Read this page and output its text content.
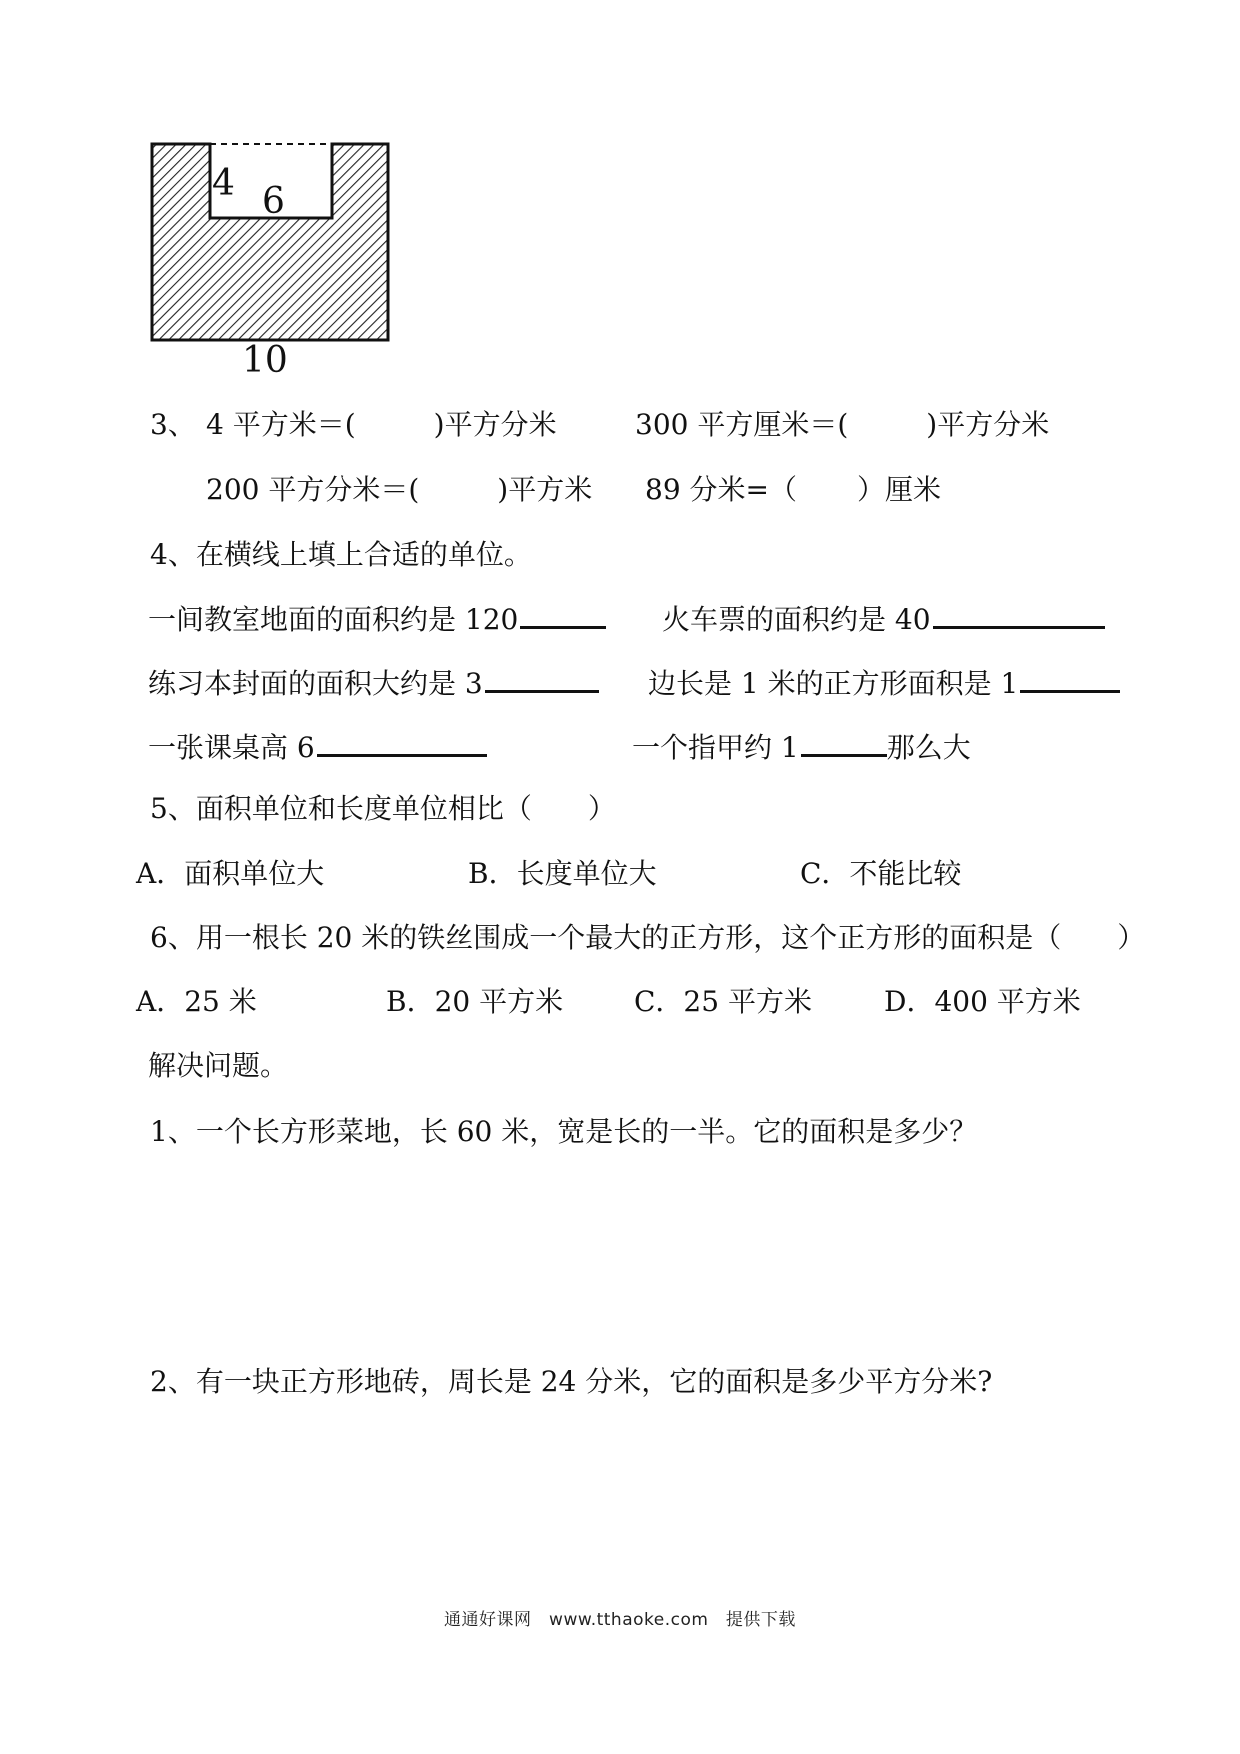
4 6
10
3、 4 平方米＝(	)平方分米	300 平方厘米＝(	)平方分米
200 平方分米＝(	)平方米 89 分米=（ ）厘米
4、在横线上填上合适的单位。
一间教室地面的面积约是 120	火车票的面积约是 40
练习本封面的面积大约是 3	边长是 1 米的正方形面积是 1
一张课桌高 6	一个指甲约 1	那么大
5、面积单位和长度单位相比（　　）
A．面积单位大	B．长度单位大	C．不能比较
6、用一根长 20 米的铁丝围成一个最大的正方形，这个正方形的面积是（　　）
A．25 米	B．20 平方米	C．25 平方米	D．400 平方米
解决问题。
1、一个长方形菜地，长 60 米，宽是长的一半。它的面积是多少？
2、有一块正方形地砖，周长是 24 分米，它的面积是多少平方分米?
通通好课网　www.tthaoke.com　提供下载
